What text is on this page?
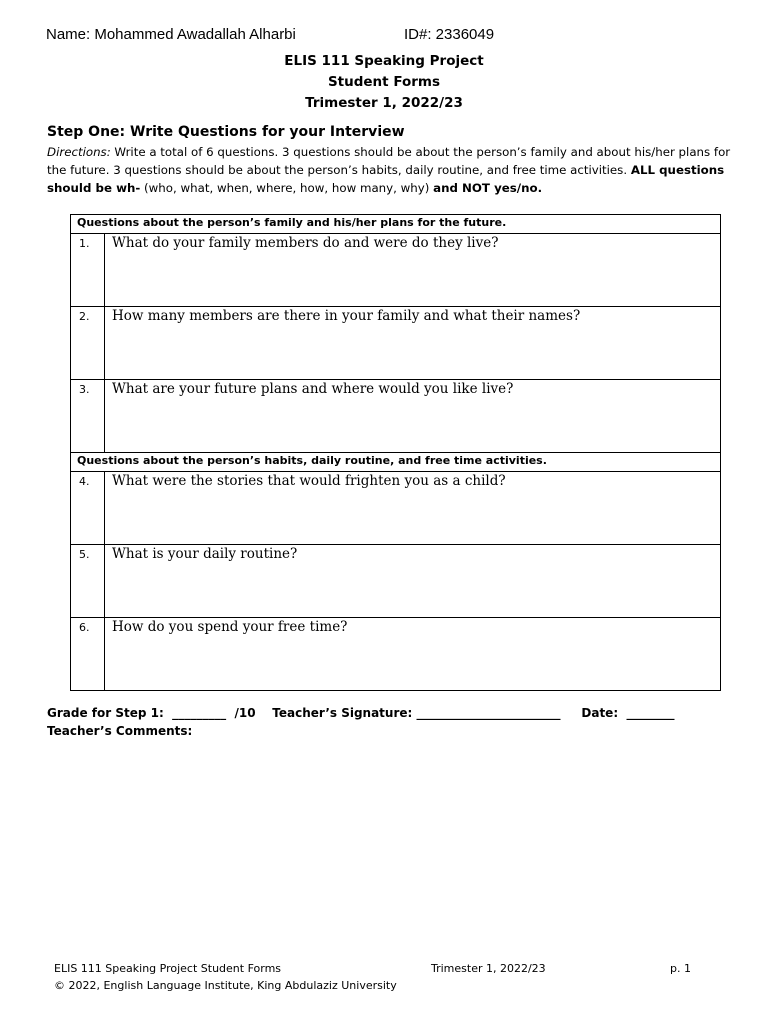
Name: Mohammed Awadallah Alharbi	ID#: 2336049
ELIS 111 Speaking Project
Student Forms
Trimester 1, 2022/23
Step One: Write Questions for your Interview
Directions: Write a total of 6 questions. 3 questions should be about the person’s family and about his/her plans for the future. 3 questions should be about the person’s habits, daily routine, and free time activities. ALL questions should be wh- (who, what, when, where, how, how many, why) and NOT yes/no.
Questions about the person’s family and his/her plans for the future.	
1.	What do your family members do and were do they live?
2.	How many members are there in your family and what their names?
3.	What are your future plans and where would you like live?
Questions about the person’s habits, daily routine, and free time activities.	
4.	What were the stories that would frighten you as a child?
5.	What is your daily routine?
6.	How do you spend your free time?
Grade for Step 1:  _________  /10    Teacher’s Signature: ________________________     Date:  ________
Teacher’s Comments:
ELIS 111 Speaking Project Student Forms	Trimester 1, 2022/23	p. 1
© 2022, English Language Institute, King Abdulaziz University
